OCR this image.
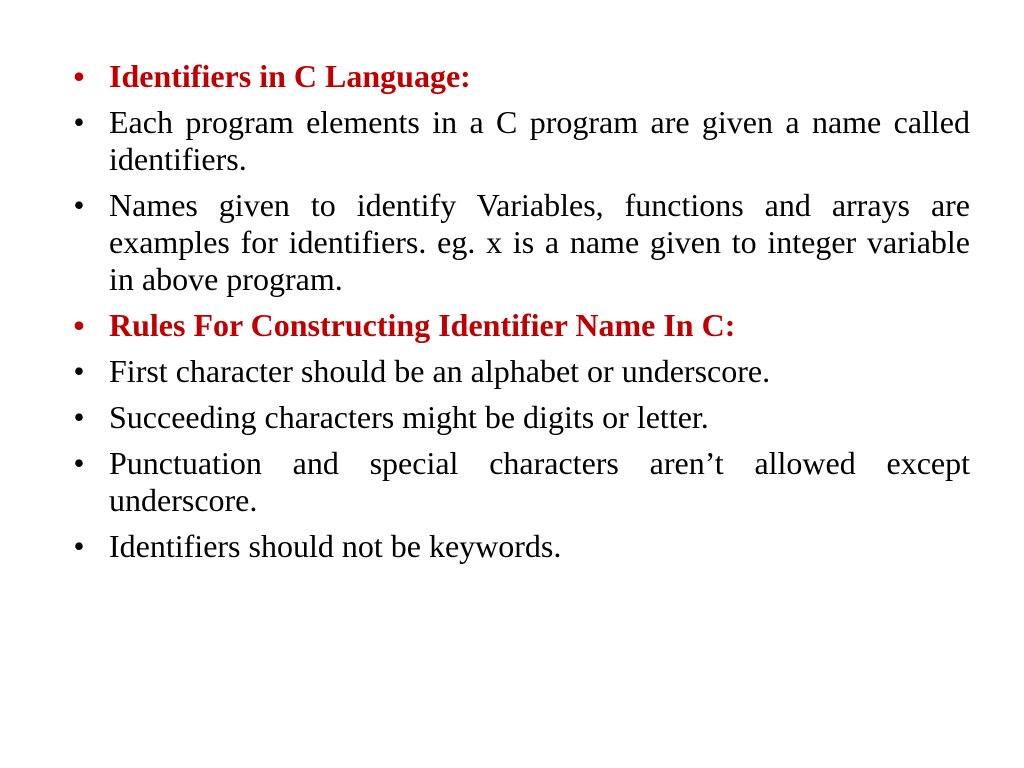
• Identifiers in C Language:
• Each program elements in a C program are given a name called identifiers.
• Names given to identify Variables, functions and arrays are examples for identifiers. eg. x is a name given to integer variable in above program.
• Rules For Constructing Identifier Name In C:
• First character should be an alphabet or underscore.
• Succeeding characters might be digits or letter.
• Punctuation and special characters aren’t allowed except underscore.
• Identifiers should not be keywords.
